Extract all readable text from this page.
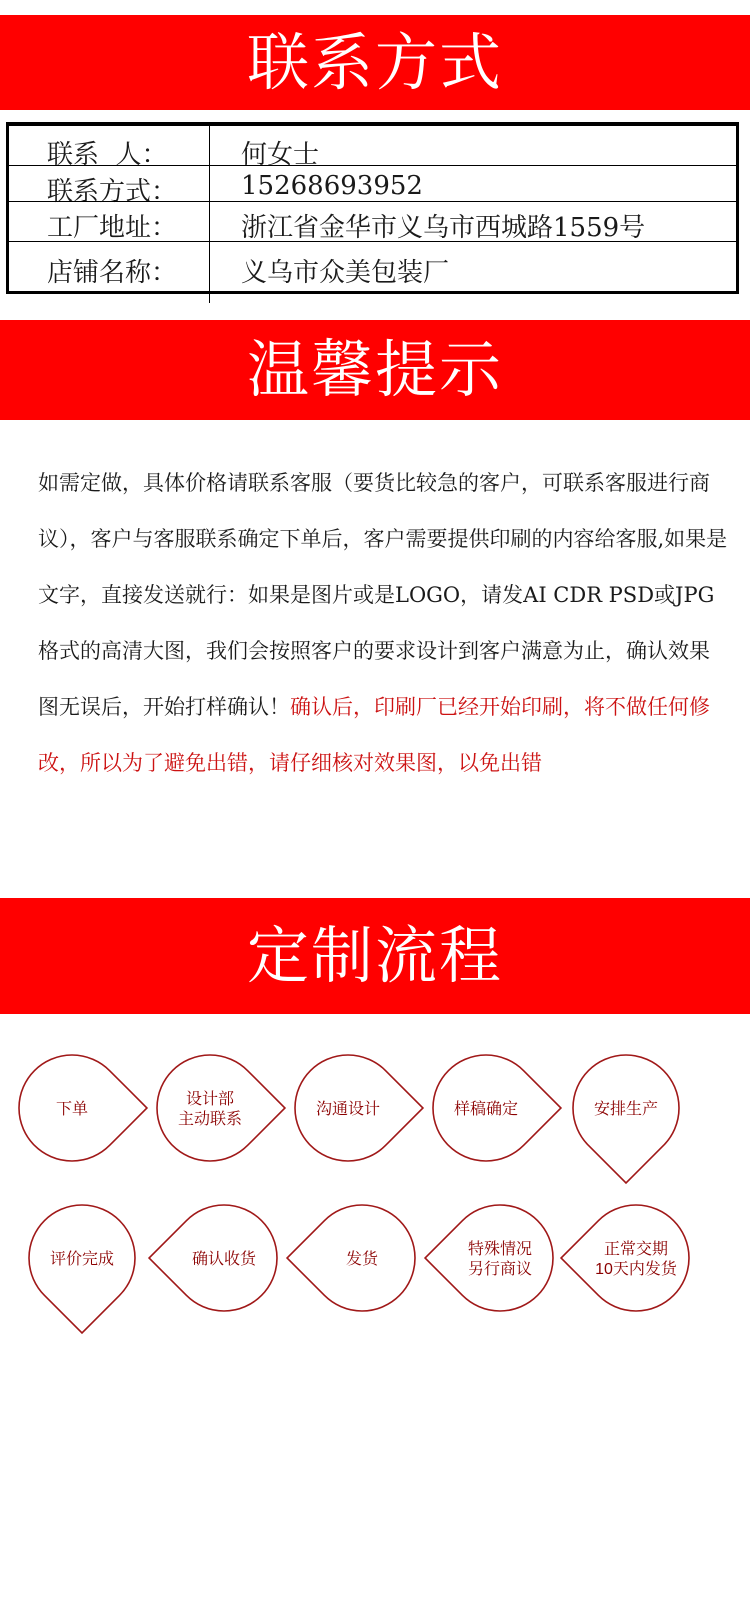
联系方式
联系  人：	何女士
联系方式： 15268693952
工厂地址： 浙江省金华市义乌市西城路1559号
店铺名称： 义乌市众美包装厂
温馨提示
如需定做，具体价格请联系客服（要货比较急的客户，可联系客服进行商议），客户与客服联系确定下单后，客户需要提供印刷的内容给客服,如果是文字，直接发送就行：如果是图片或是LOGO，请发AI CDR PSD或JPG格式的高清大图，我们会按照客户的要求设计到客户满意为止，确认效果图无误后，开始打样确认！确认后，印刷厂已经开始印刷，将不做任何修改，所以为了避免出错，请仔细核对效果图，以免出错
定制流程
下单
设计部
主动联系
沟通设计	样稿确定	安排生产
评价完成	确认收货	发货
特殊情况
另行商议
正常交期
10天内发货
